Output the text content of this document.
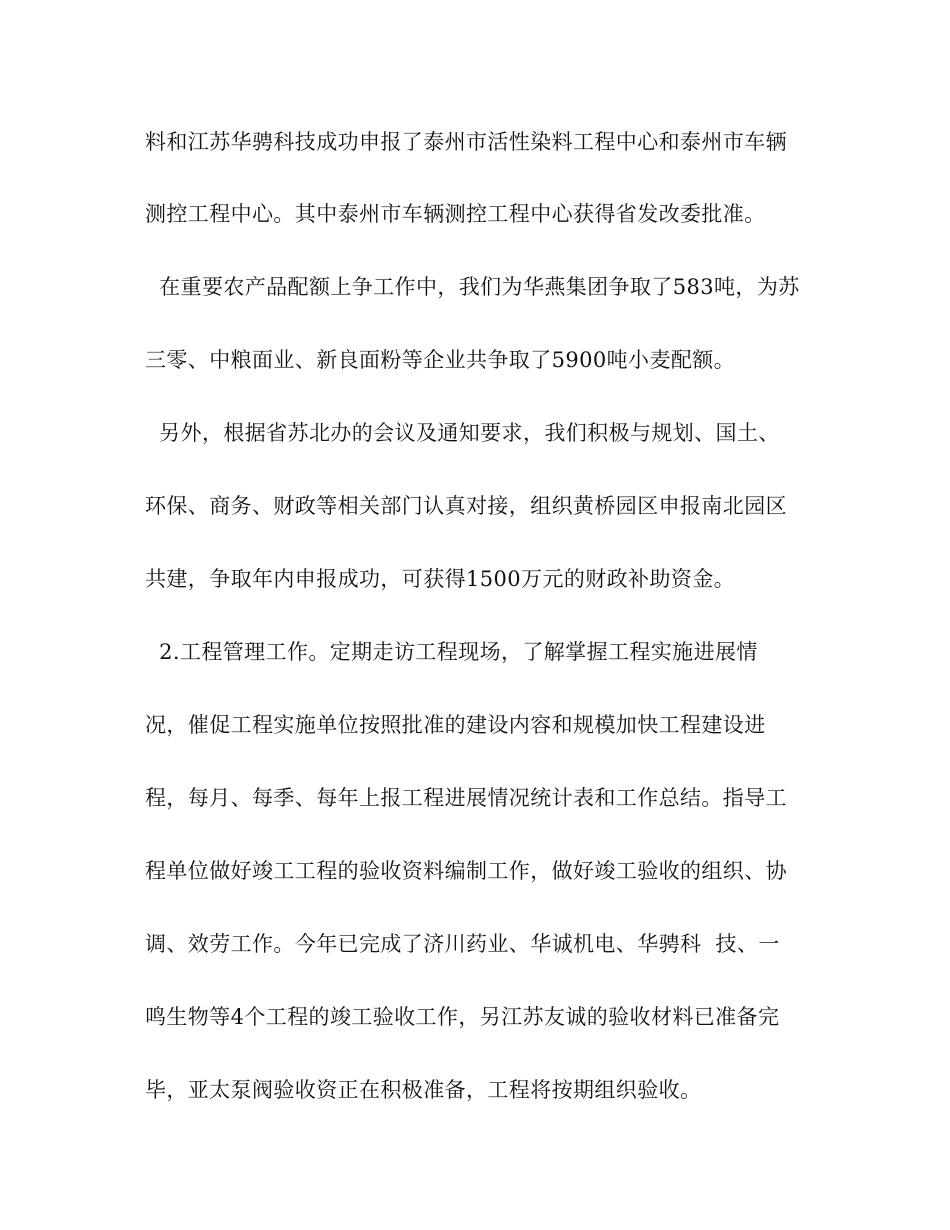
料和江苏华骋科技成功申报了泰州市活性染料工程中心和泰州市车辆
测控工程中心。其中泰州市车辆测控工程中心获得省发改委批准。
在重要农产品配额上争工作中，我们为华燕集团争取了583吨，为苏
三零、中粮面业、新良面粉等企业共争取了5900吨小麦配额。
另外，根据省苏北办的会议及通知要求，我们积极与规划、国土、
环保、商务、财政等相关部门认真对接，组织黄桥园区申报南北园区
共建，争取年内申报成功，可获得1500万元的财政补助资金。
2.工程管理工作。定期走访工程现场，了解掌握工程实施进展情
况，催促工程实施单位按照批准的建设内容和规模加快工程建设进
程，每月、每季、每年上报工程进展情况统计表和工作总结。指导工
程单位做好竣工工程的验收资料编制工作，做好竣工验收的组织、协
调、效劳工作。今年已完成了济川药业、华诚机电、华骋科  技、一
鸣生物等4个工程的竣工验收工作，另江苏友诚的验收材料已准备完
毕，亚太泵阀验收资正在积极准备，工程将按期组织验收。
